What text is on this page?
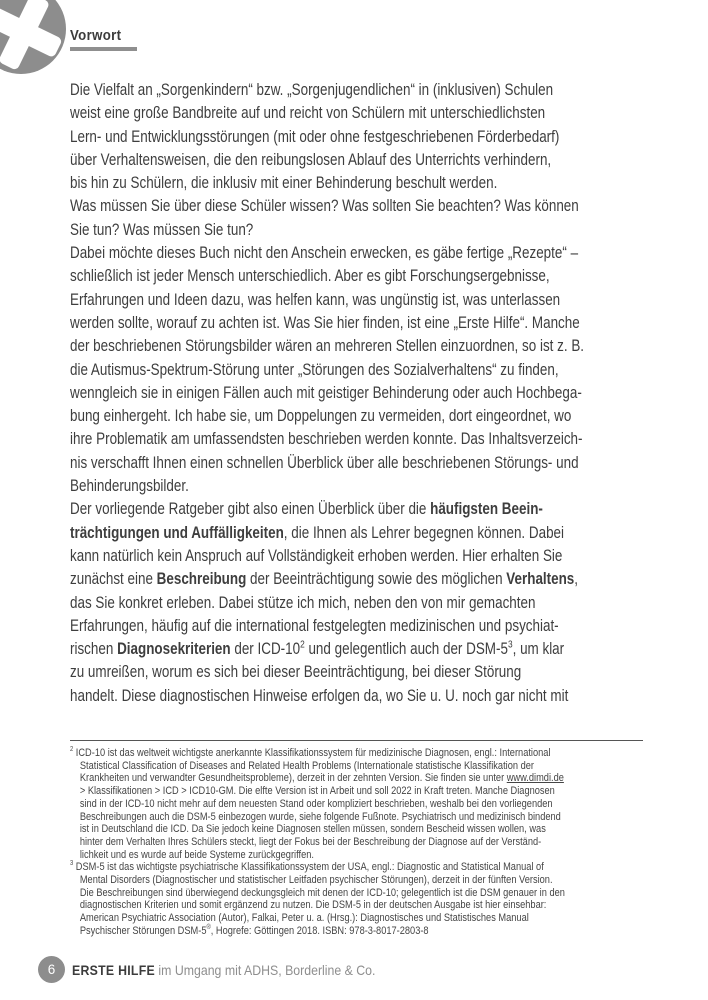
Vorwort
Die Vielfalt an „Sorgenkindern“ bzw. „Sorgenjugendlichen“ in (inklusiven) Schulen
weist eine große Bandbreite auf und reicht von Schülern mit unterschiedlichsten
Lern- und Entwicklungsstörungen (mit oder ohne festgeschriebenen Förderbedarf)
über Verhaltensweisen, die den reibungslosen Ablauf des Unterrichts verhindern,
bis hin zu Schülern, die inklusiv mit einer Behinderung beschult werden.
Was müssen Sie über diese Schüler wissen? Was sollten Sie beachten? Was können
Sie tun? Was müssen Sie tun?
Dabei möchte dieses Buch nicht den Anschein erwecken, es gäbe fertige „Rezepte“ –
schließlich ist jeder Mensch unterschiedlich. Aber es gibt Forschungsergebnisse,
Erfahrungen und Ideen dazu, was helfen kann, was ungünstig ist, was unterlassen
werden sollte, worauf zu achten ist. Was Sie hier finden, ist eine „Erste Hilfe“. Manche
der beschriebenen Störungsbilder wären an mehreren Stellen einzuordnen, so ist z. B.
die Autismus-Spektrum-Störung unter „Störungen des Sozialverhaltens“ zu finden,
wenngleich sie in einigen Fällen auch mit geistiger Behinderung oder auch Hochbega-
bung einhergeht. Ich habe sie, um Doppelungen zu vermeiden, dort eingeordnet, wo
ihre Problematik am umfassendsten beschrieben werden konnte. Das Inhaltsverzeich-
nis verschafft Ihnen einen schnellen Überblick über alle beschriebenen Störungs- und
Behinderungsbilder.
Der vorliegende Ratgeber gibt also einen Überblick über die häufigsten Beein-
trächtigungen und Auffälligkeiten, die Ihnen als Lehrer begegnen können. Dabei
kann natürlich kein Anspruch auf Vollständigkeit erhoben werden. Hier erhalten Sie
zunächst eine Beschreibung der Beeinträchtigung sowie des möglichen Verhaltens,
das Sie konkret erleben. Dabei stütze ich mich, neben den von mir gemachten
Erfahrungen, häufig auf die international festgelegten medizinischen und psychiat-
rischen Diagnosekriterien der ICD-$10^2$ und gelegentlich auch der DSM-$5^3$, um klar
zu umreißen, worum es sich bei dieser Beeinträchtigung, bei dieser Störung
handelt. Diese diagnostischen Hinweise erfolgen da, wo Sie u. U. noch gar nicht mit
$^2$ ICD-10 ist das weltweit wichtigste anerkannte Klassifikationssystem für medizinische Diagnosen, engl.: International
Statistical Classification of Diseases and Related Health Problems (Internationale statistische Klassifikation der
Krankheiten und verwandter Gesundheitsprobleme), derzeit in der zehnten Version. Sie finden sie unter www.dimdi.de
> Klassifikationen > ICD > ICD10-GM. Die elfte Version ist in Arbeit und soll 2022 in Kraft treten. Manche Diagnosen
sind in der ICD-10 nicht mehr auf dem neuesten Stand oder kompliziert beschrieben, weshalb bei den vorliegenden
Beschreibungen auch die DSM-5 einbezogen wurde, siehe folgende Fußnote. Psychiatrisch und medizinisch bindend
ist in Deutschland die ICD. Da Sie jedoch keine Diagnosen stellen müssen, sondern Bescheid wissen wollen, was
hinter dem Verhalten Ihres Schülers steckt, liegt der Fokus bei der Beschreibung der Diagnose auf der Verständ-
lichkeit und es wurde auf beide Systeme zurückgegriffen.
$^3$ DSM-5 ist das wichtigste psychiatrische Klassifikationssystem der USA, engl.: Diagnostic and Statistical Manual of
Mental Disorders (Diagnostischer und statistischer Leitfaden psychischer Störungen), derzeit in der fünften Version.
Die Beschreibungen sind überwiegend deckungsgleich mit denen der ICD-10; gelegentlich ist die DSM genauer in den
diagnostischen Kriterien und somit ergänzend zu nutzen. Die DSM-5 in der deutschen Ausgabe ist hier einsehbar:
American Psychiatric Association (Autor), Falkai, Peter u. a. (Hrsg.): Diagnostisches und Statistisches Manual
Psychischer Störungen DSM-5®, Hogrefe: Göttingen 2018. ISBN: 978-3-8017-2803-8
6	ERSTE HILFE im Umgang mit ADHS, Borderline & Co.
